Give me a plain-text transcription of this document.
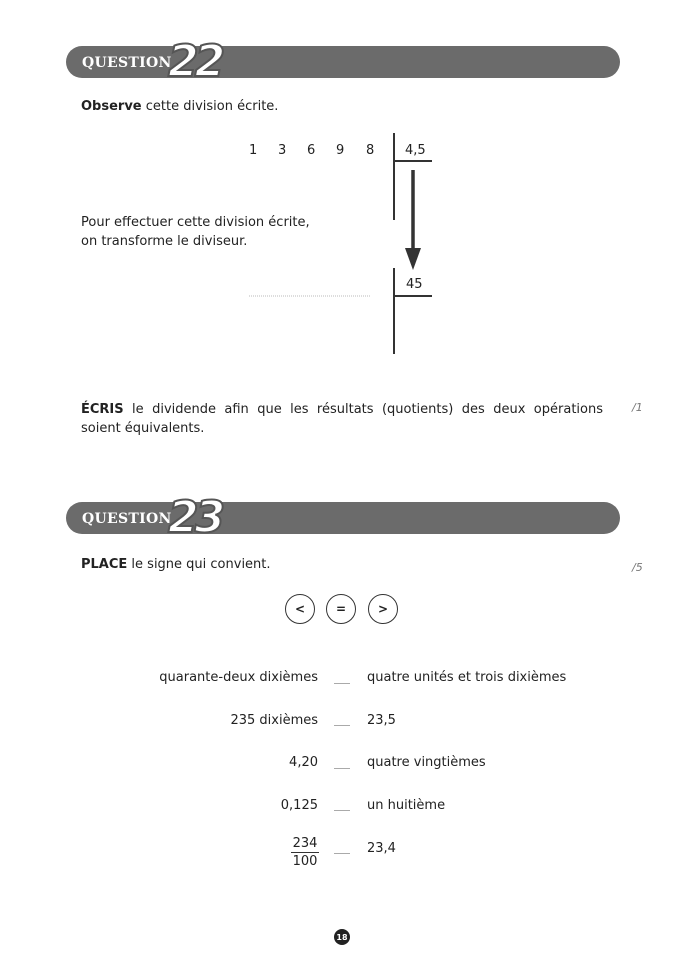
QUESTION
22
Observe cette division écrite.
1 3 6 9 8 4,5
45
Pour effectuer cette division écrite,
on transforme le diviseur.
ÉCRIS le dividende afin que les résultats (quotients) des deux opérations soient équivalents.
/1
QUESTION
23
PLACE le signe qui convient.	/5
<	=	>
quarante-deux dixièmes	quatre unités et trois dixièmes
235 dixièmes	23,5
4,20	quatre vingtièmes
0,125	un huitième
$\frac{234}{100}$	23,4
18
